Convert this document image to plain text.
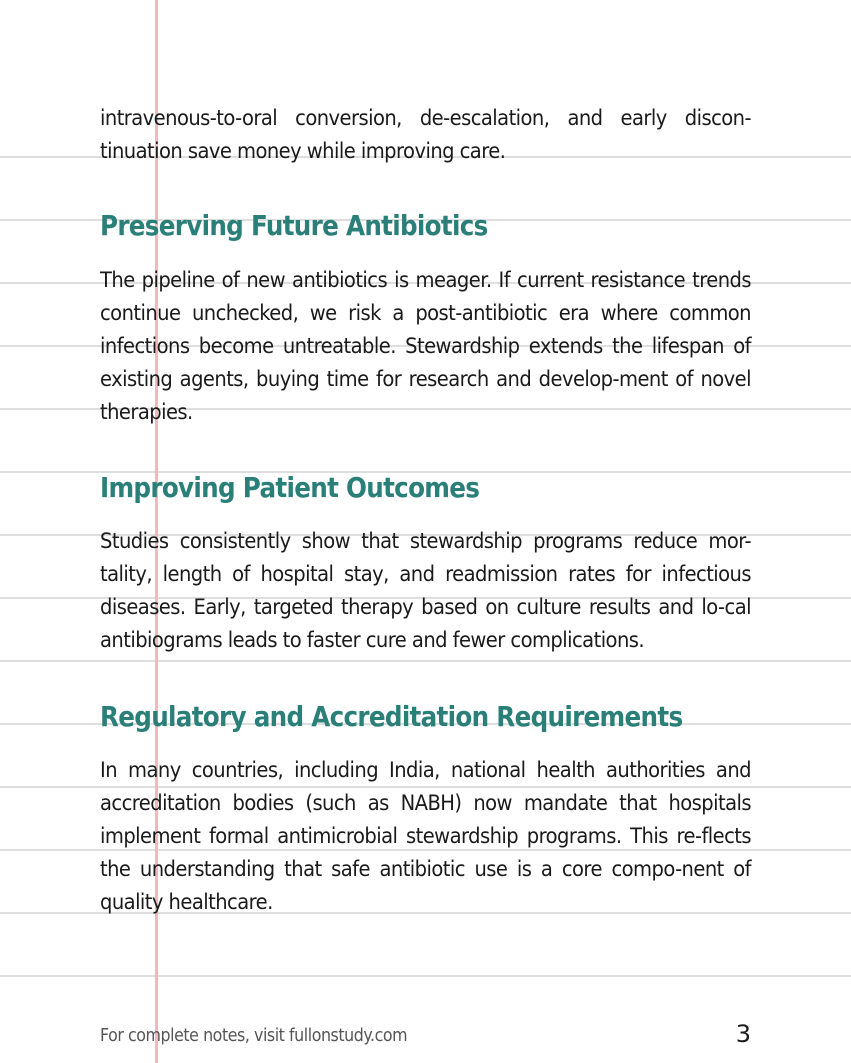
intravenous-to-oral conversion, de-escalation, and early discon-tinuation save money while improving care.

Preserving Future Antibiotics

The pipeline of new antibiotics is meager. If current resistance trends continue unchecked, we risk a post-antibiotic era where common infections become untreatable. Stewardship extends the lifespan of existing agents, buying time for research and develop-ment of novel therapies.

Improving Patient Outcomes

Studies consistently show that stewardship programs reduce mor-tality, length of hospital stay, and readmission rates for infectious diseases. Early, targeted therapy based on culture results and lo-cal antibiograms leads to faster cure and fewer complications.

Regulatory and Accreditation Requirements

In many countries, including India, national health authorities and accreditation bodies (such as NABH) now mandate that hospitals implement formal antimicrobial stewardship programs. This re-flects the understanding that safe antibiotic use is a core compo-nent of quality healthcare.

For complete notes, visit fullonstudy.com	3
